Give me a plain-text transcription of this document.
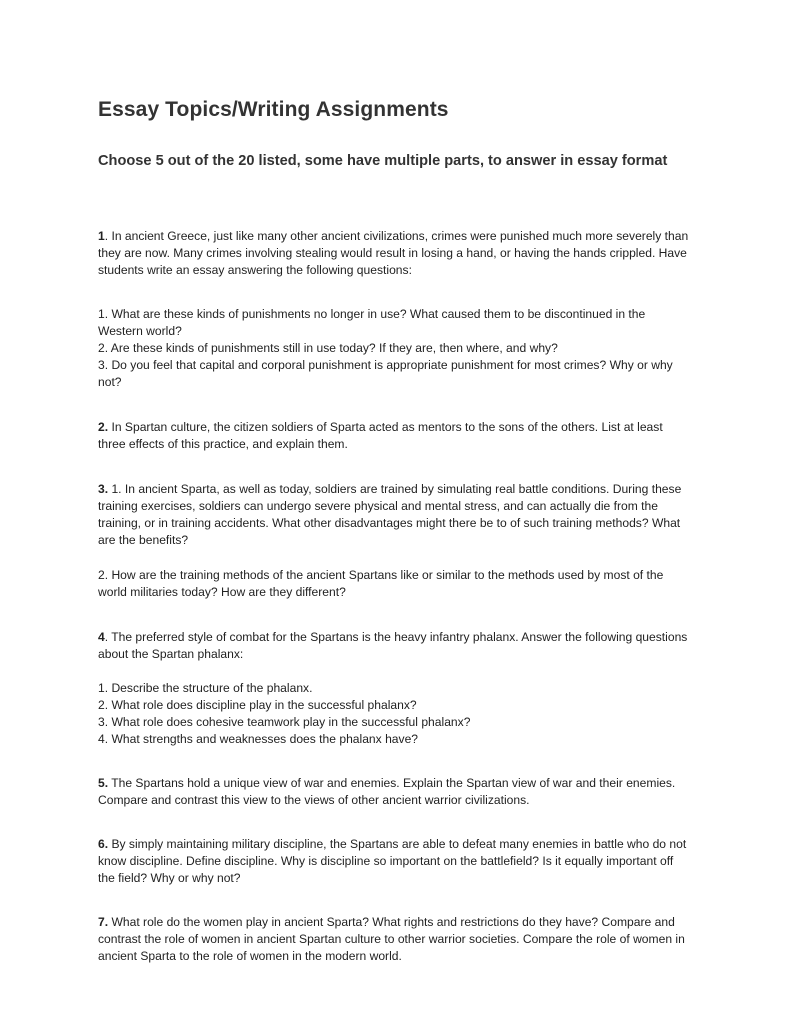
Essay Topics/Writing Assignments
Choose 5 out of the 20 listed, some have multiple parts, to answer in essay format

1. In ancient Greece, just like many other ancient civilizations, crimes were punished much more severely than they are now. Many crimes involving stealing would result in losing a hand, or having the hands crippled. Have students write an essay answering the following questions:

1. What are these kinds of punishments no longer in use? What caused them to be discontinued in the Western world?

2. Are these kinds of punishments still in use today? If they are, then where, and why?

3. Do you feel that capital and corporal punishment is appropriate punishment for most crimes? Why or why not?

2. In Spartan culture, the citizen soldiers of Sparta acted as mentors to the sons of the others. List at least three effects of this practice, and explain them.

3. 1. In ancient Sparta, as well as today, soldiers are trained by simulating real battle conditions. During these training exercises, soldiers can undergo severe physical and mental stress, and can actually die from the training, or in training accidents. What other disadvantages might there be to of such training methods? What are the benefits?

2. How are the training methods of the ancient Spartans like or similar to the methods used by most of the world militaries today? How are they different?

4. The preferred style of combat for the Spartans is the heavy infantry phalanx. Answer the following questions about the Spartan phalanx:

1. Describe the structure of the phalanx.

2. What role does discipline play in the successful phalanx?

3. What role does cohesive teamwork play in the successful phalanx?

4. What strengths and weaknesses does the phalanx have?

5. The Spartans hold a unique view of war and enemies. Explain the Spartan view of war and their enemies. Compare and contrast this view to the views of other ancient warrior civilizations.

6. By simply maintaining military discipline, the Spartans are able to defeat many enemies in battle who do not know discipline. Define discipline. Why is discipline so important on the battlefield? Is it equally important off the field? Why or why not?

7. What role do the women play in ancient Sparta? What rights and restrictions do they have? Compare and contrast the role of women in ancient Spartan culture to other warrior societies. Compare the role of women in ancient Sparta to the role of women in the modern world.
